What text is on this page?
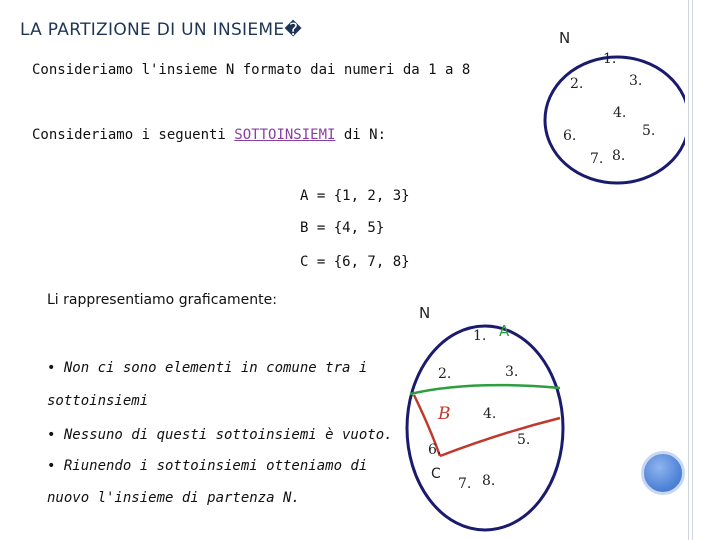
LA PARTIZIONE DI UN INSIEME�

Consideriamo l'insieme N formato dai numeri da 1 a 8

Consideriamo i seguenti SOTTOINSIEMI di N:

A = {1, 2, 3}
B = {4, 5}
C = {6, 7, 8}
Li rappresentiamo graficamente:
• Non ci sono elementi in comune tra i
sottoinsiemi
• Nessuno di questi sottoinsiemi è vuoto.
• Riunendo i sottoinsiemi otteniamo di
nuovo l'insieme di partenza N.
N
1.
2.	3.
4.
5.
6.
7. 8.
N
A
B
C
1.
2.	3.
4.
5.
6.
7. 8.
